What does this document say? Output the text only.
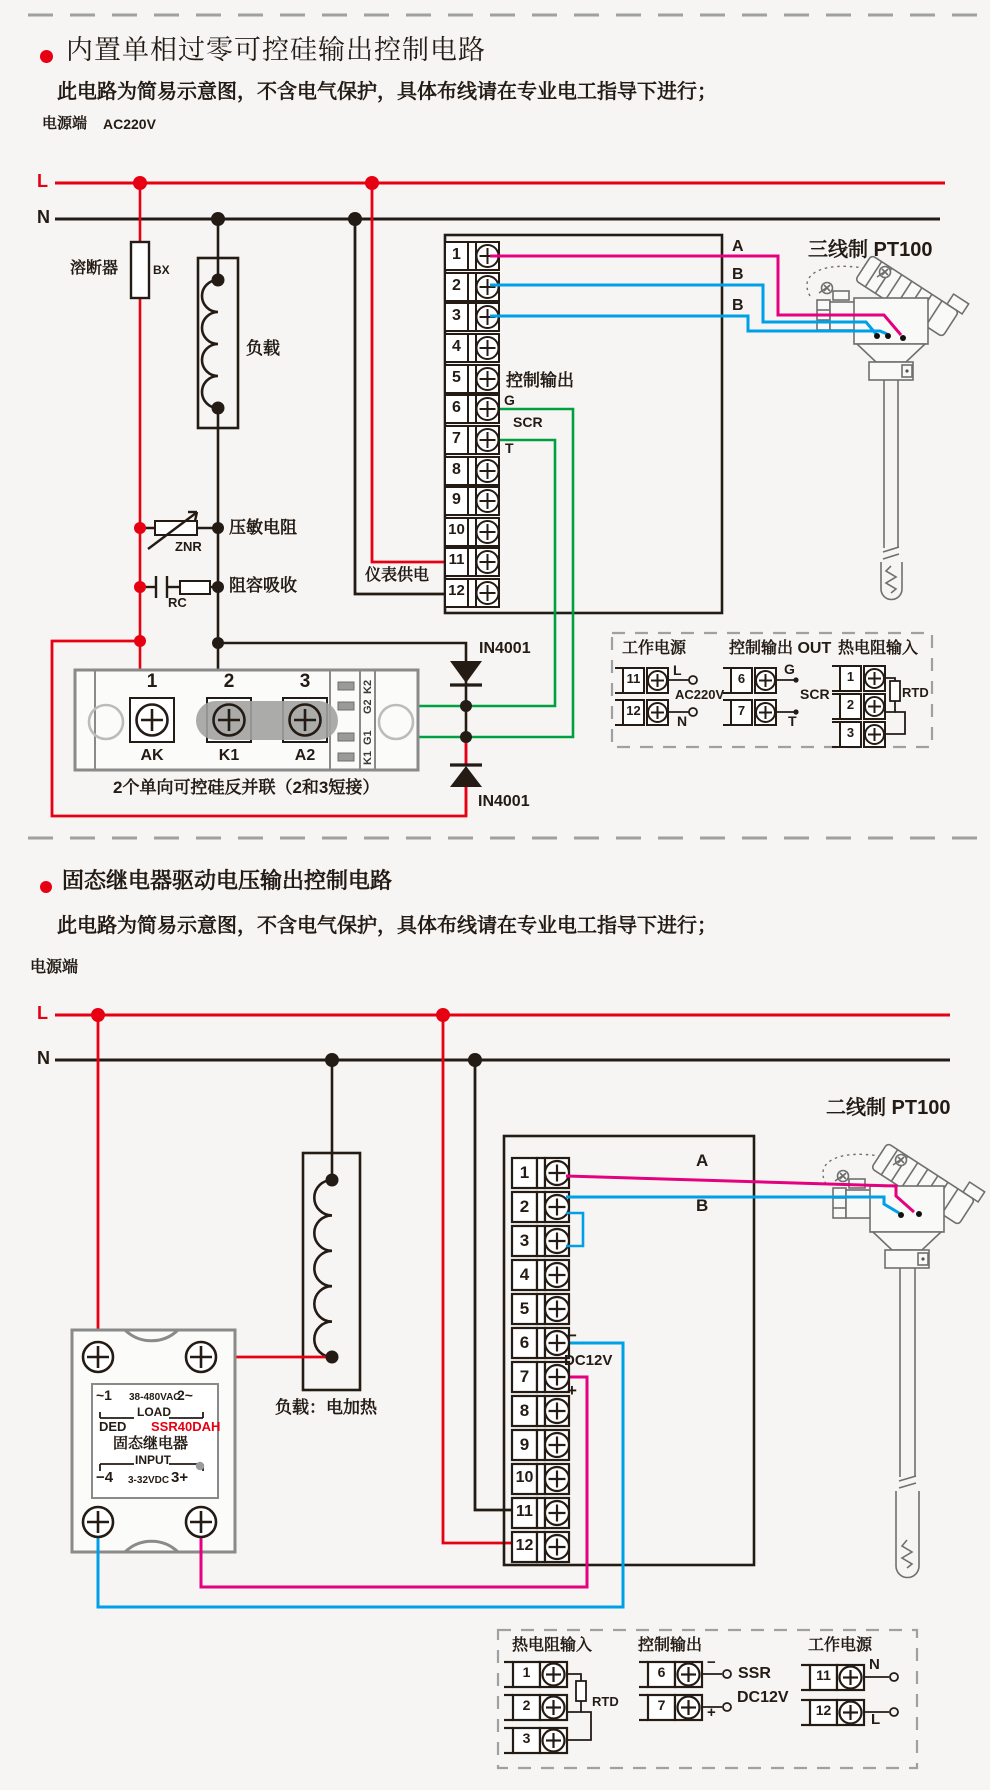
K2
G2
G1
K1
内置单相过零可控硅输出控制电路
此电路为简易示意图，不含电气保护，具体布线请在专业电工指导下进行；
电源端 AC220V
L
N
溶断器	BX
负载
压敏电阻
ZNR
阻容吸收
RC
仪表供电
控制输出
G
SCR
T
IN4001
IN4001
三线制 PT100
A
B
B
1
2
3
4
5
6
7
8
9
10
11
12
1	2	3
AK	K1	A2
2个单向可控硅反并联（2和3短接）
工作电源
11
12
L
AC220V
N
控制输出 OUT
6
7
G
SCR
T
热电阻输入
1
2
3
RTD
固态继电器驱动电压输出控制电路
此电路为简易示意图，不含电气保护，具体布线请在专业电工指导下进行；
电源端
L
N
负载：电加热
~1 38-480VAC
2~
LOAD
DED SSR40DAH
固态继电器
INPUT
−4 3-32VDC 3+
−
DC12V
+
二线制 PT100
A
B
1
2
3
4
5
6
7
8
9
10
11
12
热电阻输入
1
2
3
RTD
控制输出
6
7
−
SSR
DC12V
+
工作电源
11
12
N
L
